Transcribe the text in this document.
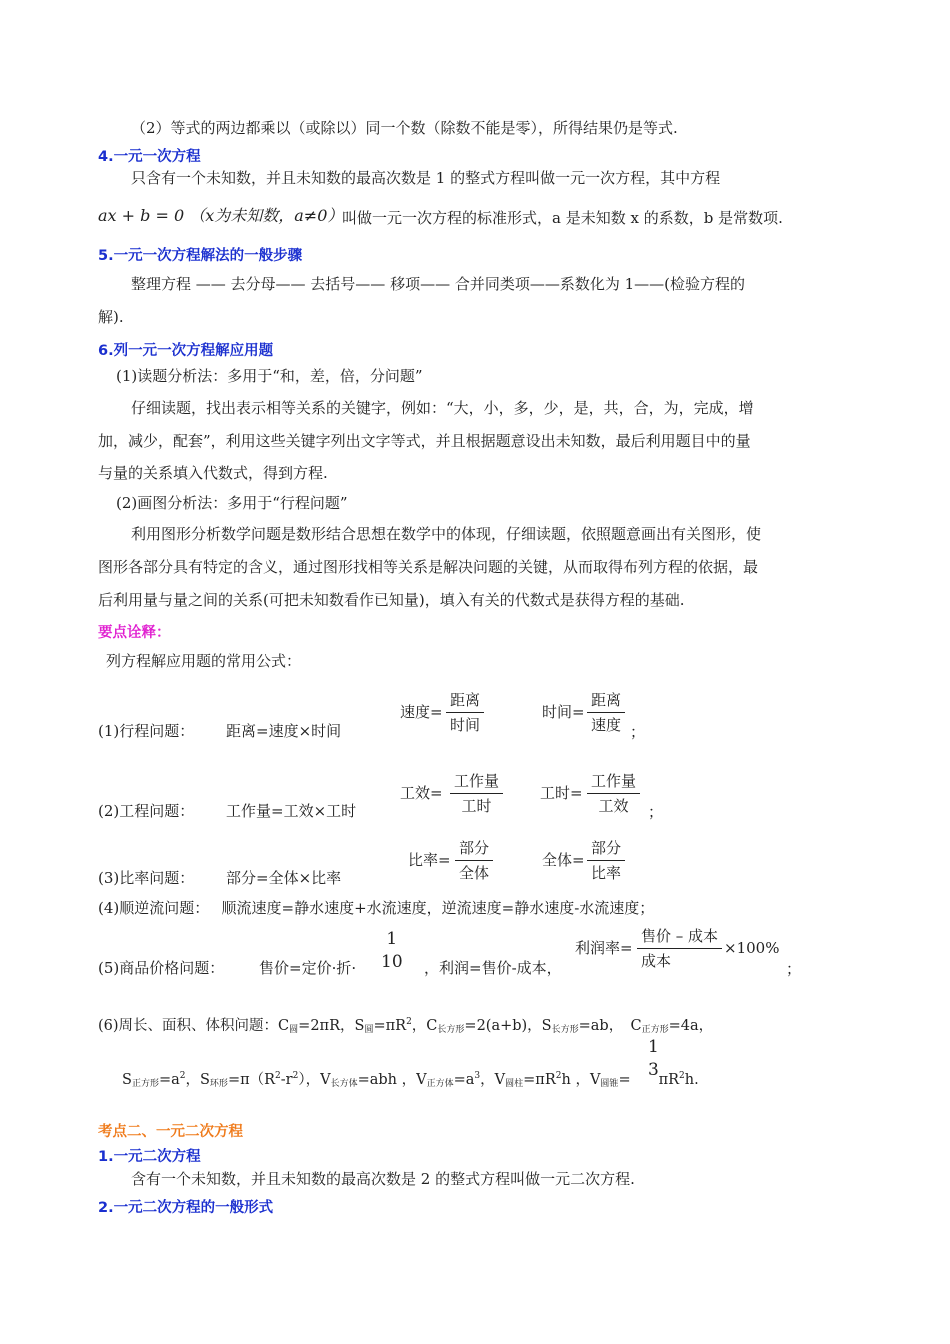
（2）等式的两边都乘以（或除以）同一个数（除数不能是零），所得结果仍是等式.
4.一元一次方程
只含有一个未知数，并且未知数的最高次数是 1 的整式方程叫做一元一次方程，其中方程
ax + b = 0 （x为未知数，a≠0）
叫做一元一次方程的标准形式，a 是未知数 x 的系数，b 是常数项.
5.一元一次方程解法的一般步骤
整理方程 —— 去分母—— 去括号—— 移项—— 合并同类项——系数化为 1——(检验方程的
解).
6.列一元一次方程解应用题
(1)读题分析法：多用于“和，差，倍，分问题”
仔细读题，找出表示相等关系的关键字，例如：“大，小，多，少，是，共，合，为，完成，增
加，减少，配套”，利用这些关键字列出文字等式，并且根据题意设出未知数，最后利用题目中的量
与量的关系填入代数式，得到方程.
(2)画图分析法：多用于“行程问题”
利用图形分析数学问题是数形结合思想在数学中的体现，仔细读题，依照题意画出有关图形，使
图形各部分具有特定的含义，通过图形找相等关系是解决问题的关键，从而取得布列方程的依据，最
后利用量与量之间的关系(可把未知数看作已知量)，填入有关的代数式是获得方程的基础.
要点诠释：
列方程解应用题的常用公式：
(1)行程问题： 距离=速度×时间
速度=
距离
时间
时间=
距离
速度 ；
(2)工程问题： 工作量=工效×工时
工效=
工作量
工时
工时=
工作量
工效	；
(3)比率问题： 部分=全体×比率
比率=
部分
全体
全体=
部分
比率
(4)顺逆流问题：　 顺流速度=静水速度+水流速度，逆流速度=静水速度-水流速度；
(5)商品价格问题： 售价=定价·折·
1
10 ，利润=售价-成本，
利润率=
售价 – 成本
成本
×100%
；
(6)周长、面积、体积问题：$C_圆=2\pi R$，$S_圆=\pi R^2$，$C_{长方形}=2(a+b)$，$S_{长方形}=ab$，　$C_{正方形}=4a$，
$S_{正方形}=a^2$，$S_{环形}=\pi(R^2-r^2)$，$V_{长方体}=abh$ ，$V_{正方体}=a^3$，$V_{圆柱}=\pi R^2h$ ，$V_{圆锥}= \pi R^2h$.
1
3
考点二、一元二次方程
1.一元二次方程
含有一个未知数，并且未知数的最高次数是 2 的整式方程叫做一元二次方程.
2.一元二次方程的一般形式
